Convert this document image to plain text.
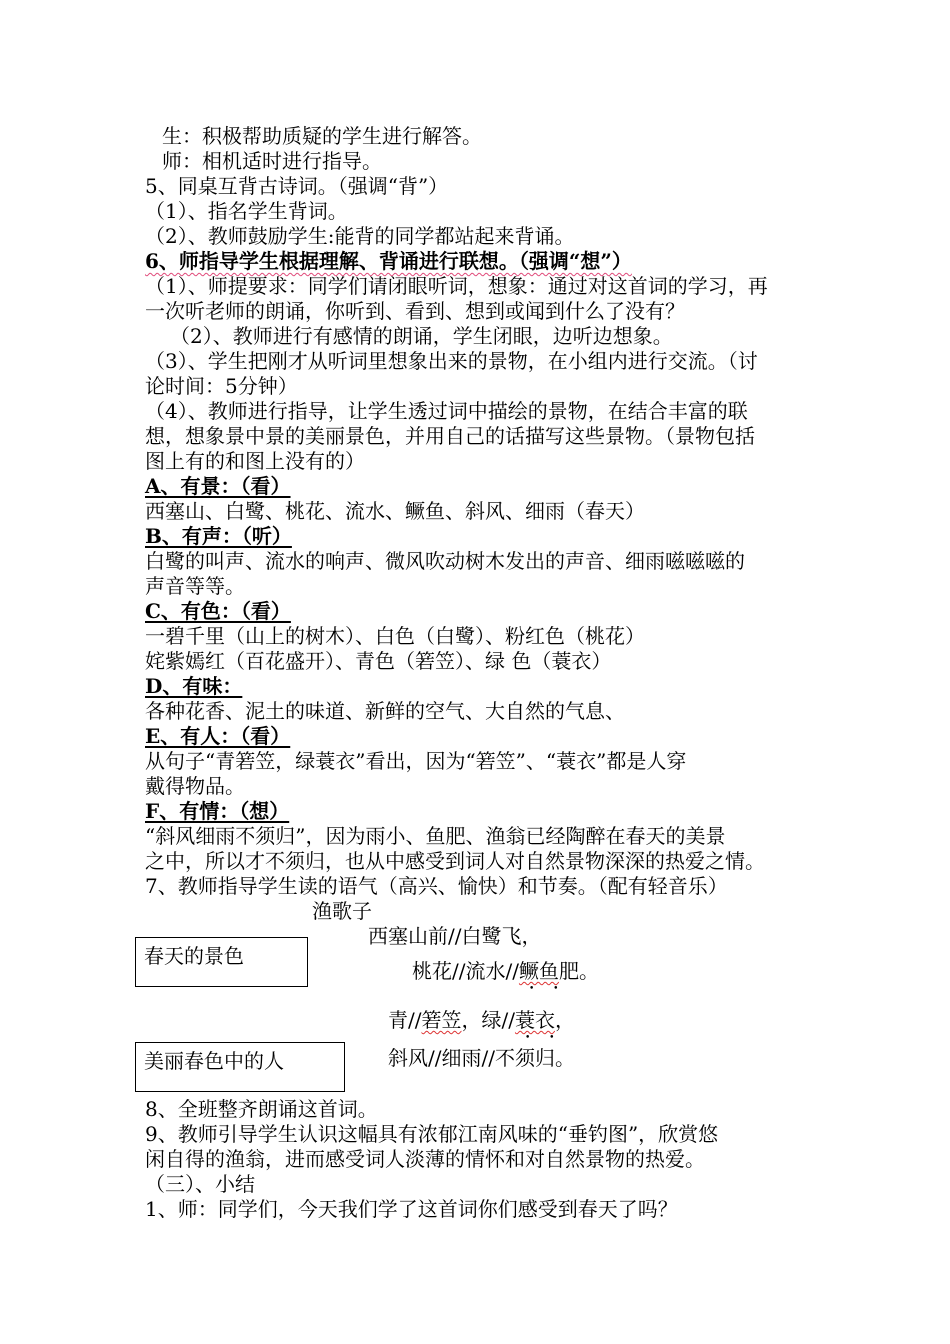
生：积极帮助质疑的学生进行解答。
师：相机适时进行指导。
5、同桌互背古诗词。（强调“背”）
（1）、指名学生背词。
（2）、教师鼓励学生:能背的同学都站起来背诵。
6、师指导学生根据理解、背诵进行联想。（强调“想”）
（1）、师提要求：同学们请闭眼听词，想象：通过对这首词的学习，再
一次听老师的朗诵，你听到、看到、想到或闻到什么了没有？
（2）、教师进行有感情的朗诵，学生闭眼，边听边想象。
（3）、学生把刚才从听词里想象出来的景物，在小组内进行交流。（讨
论时间：5分钟）
（4）、教师进行指导，让学生透过词中描绘的景物，在结合丰富的联
想，想象景中景的美丽景色，并用自己的话描写这些景物。（景物包括
图上有的和图上没有的）
A、有景：（看）
西塞山、白鹭、桃花、流水、鳜鱼、斜风、细雨（春天）
B、有声：（听）
白鹭的叫声、流水的响声、微风吹动树木发出的声音、细雨嗞嗞嗞的
声音等等。
C、有色：（看）
一碧千里（山上的树木）、白色（白鹭）、粉红色（桃花）
姹紫嫣红（百花盛开）、青色（箬笠）、绿 色（蓑衣）
D、有味：
各种花香、泥土的味道、新鲜的空气、大自然的气息、
E、有人：（看）
从句子“青箬笠，绿蓑衣”看出，因为“箬笠”、“蓑衣”都是人穿
戴得物品。
F、有情：（想）
“斜风细雨不须归”，因为雨小、鱼肥、渔翁已经陶醉在春天的美景
之中，所以才不须归，也从中感受到词人对自然景物深深的热爱之情。
7、教师指导学生读的语气（高兴、愉快）和节奏。（配有轻音乐）
渔歌子
西塞山前//白鹭飞，
桃花//流水//鳜鱼 • •肥。
青//箬笠，绿//蓑衣 • •，
斜风//细雨//不须归。
春天的景色
美丽春色中的人
8、全班整齐朗诵这首词。
9、教师引导学生认识这幅具有浓郁江南风味的“垂钓图”，欣赏悠
闲自得的渔翁，进而感受词人淡薄的情怀和对自然景物的热爱。
（三）、小结
1、师：同学们，今天我们学了这首词你们感受到春天了吗？
